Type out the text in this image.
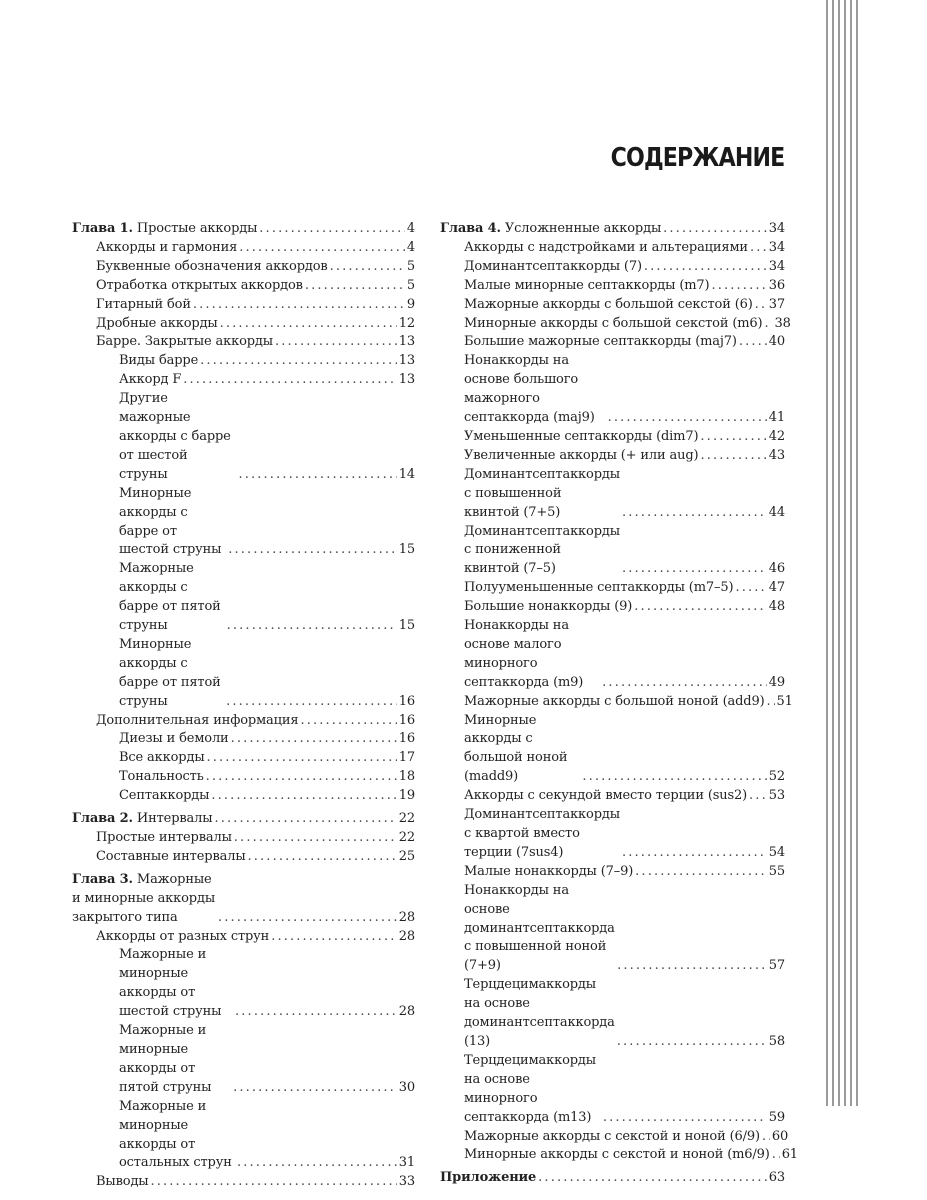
СОДЕРЖАНИЕ
Глава 1. Простые аккорды . . .	4
Аккорды и гармония . . .	4
Буквенные обозначения аккордов . . .	5
Отработка открытых аккордов . . .	5
Гитарный бой . . .	9
Дробные аккорды . . .	12
Барре. Закрытые аккорды . . .	13
Виды барре . . .	13
Аккорд F . . .	13
Другие мажорные аккорды с барре от шестой струны . . .	14
Минорные аккорды с барре от шестой струны . . .	15
Мажорные аккорды с барре от пятой струны . . .	15
Минорные аккорды с барре от пятой струны . . .	16
Дополнительная информация . . .	16
Диезы и бемоли . . .	16
Все аккорды . . .	17
Тональность . . .	18
Септаккорды . . .	19
Глава 2. Интервалы . . .	22
Простые интервалы . . .	22
Составные интервалы . . .	25
Глава 3. Мажорные и минорные аккорды закрытого типа . . .	28
Аккорды от разных струн . . .	28
Мажорные и минорные аккорды от шестой струны . . .	28
Мажорные и минорные аккорды от пятой струны . . .	30
Мажорные и минорные аккорды от остальных струн . . .	31
Выводы . . .	33
Глава 4. Усложненные аккорды . . .	34
Аккорды с надстройками и альтерациями . . . 34
Доминантсептаккорды (7) . . .	34
Малые минорные септаккорды (m7) . . .	36
Мажорные аккорды с большой секстой (6) . . . 37
Минорные аккорды с большой секстой (m6) . . . 38
Большие мажорные септаккорды (maj7) . . . 40
Нонаккорды на основе большого мажорного септаккорда (maj9) . . .	41
Уменьшенные септаккорды (dim7) . . .	42
Увеличенные аккорды (+ или aug) . . .	43
Доминантсептаккорды с повышенной квинтой (7+5) . . .	44
Доминантсептаккорды с пониженной квинтой (7–5) . . .	46
Полууменьшенные септаккорды (m7–5) . . .	47
Большие нонаккорды (9) . . .	48
Нонаккорды на основе малого минорного септаккорда (m9) . . .	49
Мажорные аккорды с большой ноной (add9) . . . 51
Минорные аккорды с большой ноной (madd9) . . .	52
Аккорды с секундой вместо терции (sus2) . . . 53
Доминантсептаккорды с квартой вместо терции (7sus4) . . .	54
Малые нонаккорды (7–9) . . .	55
Нонаккорды на основе доминантсептаккорда с повышенной ноной (7+9) . . .	57
Терцдецимаккорды на основе доминантсептаккорда (13) . . .	58
Терцдецимаккорды на основе минорного септаккорда (m13) . . .	59
Мажорные аккорды с секстой и ноной (6/9) . . . 60
Минорные аккорды с секстой и ноной (m6/9) . . . 61
Приложение . . .	63
